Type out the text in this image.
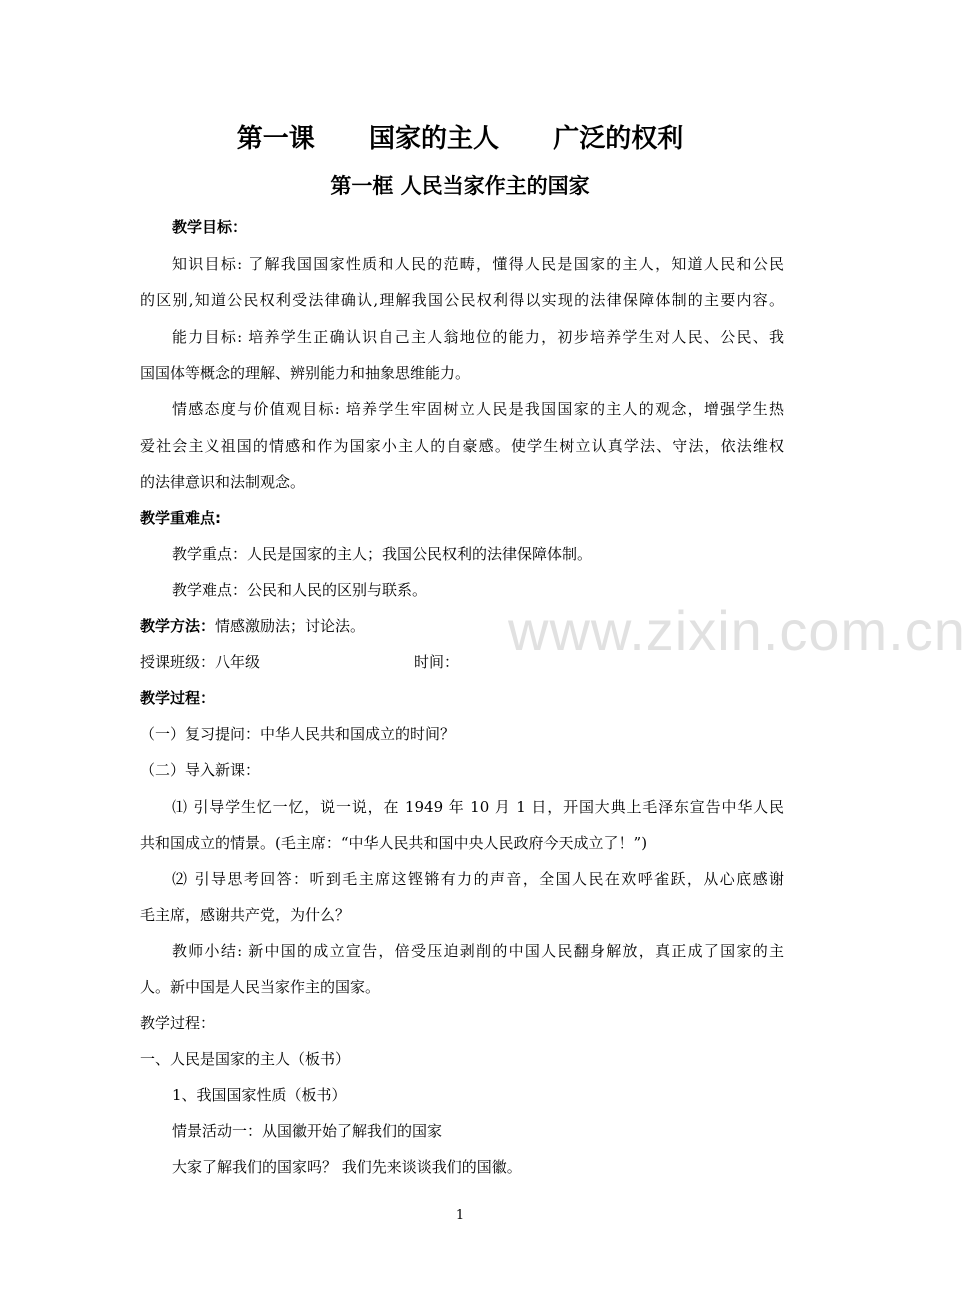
第一课      国家的主人      广泛的权利
第一框 人民当家作主的国家
教学目标：
知识目标: 了解我国国家性质和人民的范畴，懂得人民是国家的主人，知道人民和公民
的区别,知道公民权利受法律确认,理解我国公民权利得以实现的法律保障体制的主要内容。
能力目标: 培养学生正确认识自己主人翁地位的能力，初步培养学生对人民、公民、我
国国体等概念的理解、辨别能力和抽象思维能力。
情感态度与价值观目标: 培养学生牢固树立人民是我国国家的主人的观念，增强学生热
爱社会主义祖国的情感和作为国家小主人的自豪感。使学生树立认真学法、守法，依法维权
的法律意识和法制观念。
教学重难点:
教学重点：人民是国家的主人；我国公民权利的法律保障体制。
教学难点：公民和人民的区别与联系。
教学方法：情感激励法；讨论法。
授课班级：八年级	时间：
教学过程：
（一）复习提问：中华人民共和国成立的时间？
（二）导入新课：
⑴ 引导学生忆一忆，说一说，在 1949 年 10 月 1 日，开国大典上毛泽东宣告中华人民
共和国成立的情景。(毛主席：“中华人民共和国中央人民政府今天成立了！”)
⑵ 引导思考回答：听到毛主席这铿锵有力的声音，全国人民在欢呼雀跃，从心底感谢
毛主席，感谢共产党，为什么？
教师小结: 新中国的成立宣告，倍受压迫剥削的中国人民翻身解放，真正成了国家的主
人。新中国是人民当家作主的国家。
教学过程：
一、人民是国家的主人（板书）
1、我国国家性质（板书）
情景活动一：从国徽开始了解我们的国家
大家了解我们的国家吗？ 我们先来谈谈我们的国徽。
www.zixin.com.cn
1
